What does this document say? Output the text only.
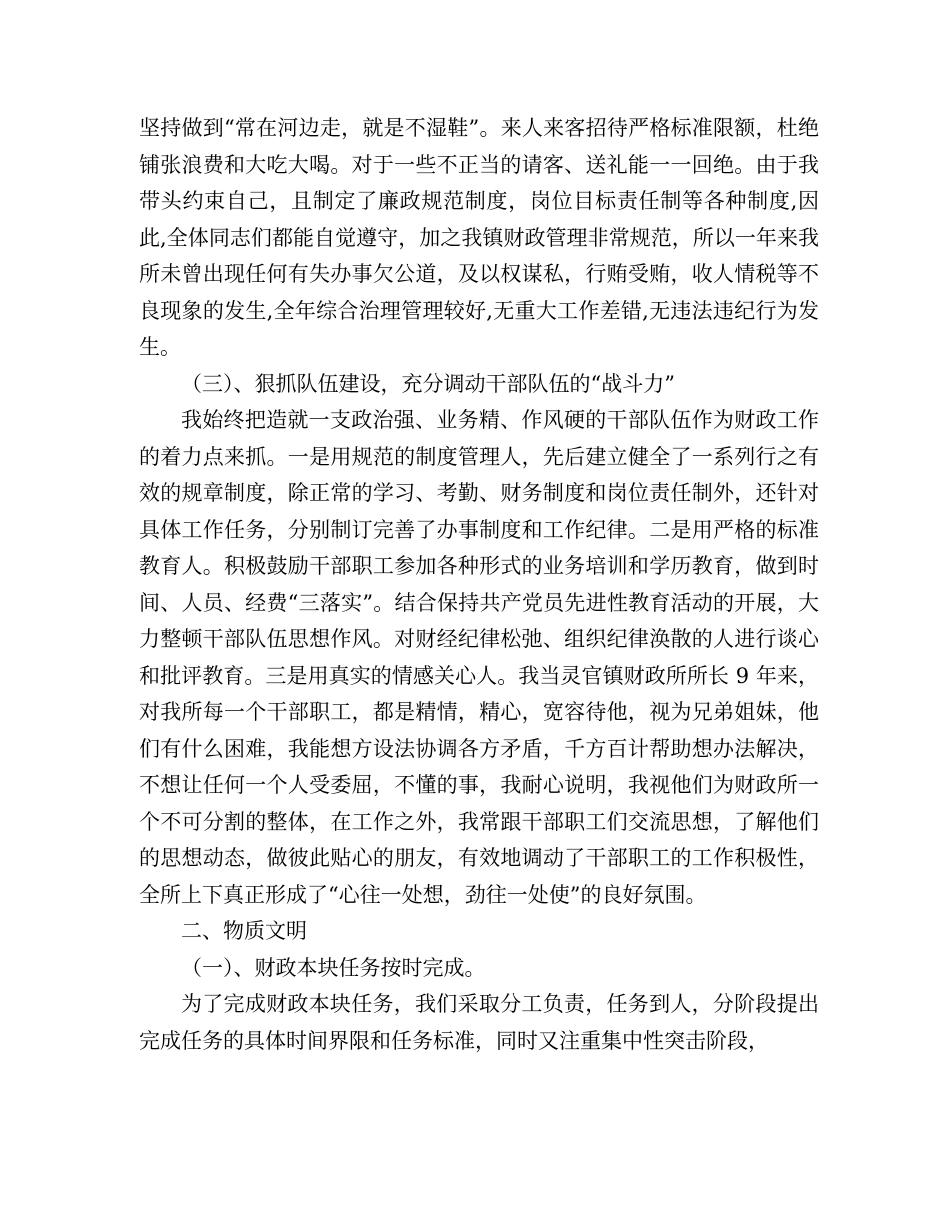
坚持做到“常在河边走，就是不湿鞋”。来人来客招待严格标准限额，杜绝铺张浪费和大吃大喝。对于一些不正当的请客、送礼能一一回绝。由于我带头约束自己，且制定了廉政规范制度，岗位目标责任制等各种制度,因此,全体同志们都能自觉遵守，加之我镇财政管理非常规范，所以一年来我所未曾出现任何有失办事欠公道，及以权谋私，行贿受贿，收人情税等不良现象的发生,全年综合治理管理较好,无重大工作差错,无违法违纪行为发生。

（三）、狠抓队伍建设，充分调动干部队伍的“战斗力”

我始终把造就一支政治强、业务精、作风硬的干部队伍作为财政工作的着力点来抓。一是用规范的制度管理人，先后建立健全了一系列行之有效的规章制度，除正常的学习、考勤、财务制度和岗位责任制外，还针对具体工作任务，分别制订完善了办事制度和工作纪律。二是用严格的标准教育人。积极鼓励干部职工参加各种形式的业务培训和学历教育，做到时间、人员、经费“三落实”。结合保持共产党员先进性教育活动的开展，大力整顿干部队伍思想作风。对财经纪律松弛、组织纪律涣散的人进行谈心和批评教育。三是用真实的情感关心人。我当灵官镇财政所所长 9 年来，对我所每一个干部职工，都是精情，精心，宽容待他，视为兄弟姐妹，他们有什么困难，我能想方设法协调各方矛盾，千方百计帮助想办法解决，不想让任何一个人受委屈，不懂的事，我耐心说明，我视他们为财政所一个不可分割的整体，在工作之外，我常跟干部职工们交流思想，了解他们的思想动态，做彼此贴心的朋友，有效地调动了干部职工的工作积极性，全所上下真正形成了“心往一处想，劲往一处使”的良好氛围。

二、物质文明

（一）、财政本块任务按时完成。

为了完成财政本块任务，我们采取分工负责，任务到人，分阶段提出完成任务的具体时间界限和任务标准，同时又注重集中性突击阶段，
